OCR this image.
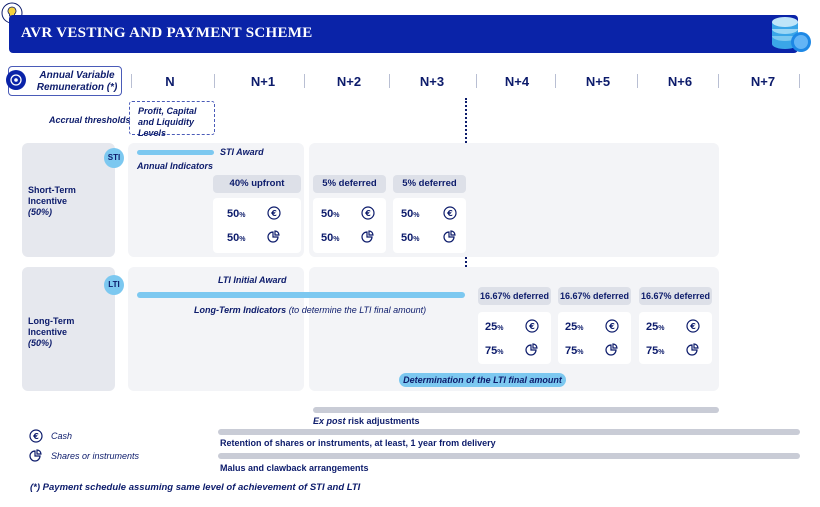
AVR VESTING AND PAYMENT SCHEME
Annual Variable Remuneration (*)	N	N+1	N+2	N+3	N+4	N+5	N+6	N+7
Accrual thresholds
Profit, Capital and Liquidity Levels
STI
Short-Term Incentive
(50%)
STI Award
Annual Indicators
40% upfront
50%	€
50%
5% deferred
50%	€
50%
5% deferred
50%	€
50%
LTI
Long-Term Incentive
(50%)
LTI Initial Award
Long-Term Indicators (to determine the LTI final amount)
16.67% deferred
25%	€
75%
16.67% deferred
25%	€
75%
16.67% deferred
25%	€
75%
Determination of the LTI final amount
Ex post risk adjustments
Retention of shares or instruments, at least, 1 year from delivery
Malus and clawback arrangements
€ Cash
Shares or instruments
(*) Payment schedule assuming same level of achievement of STI and LTI
